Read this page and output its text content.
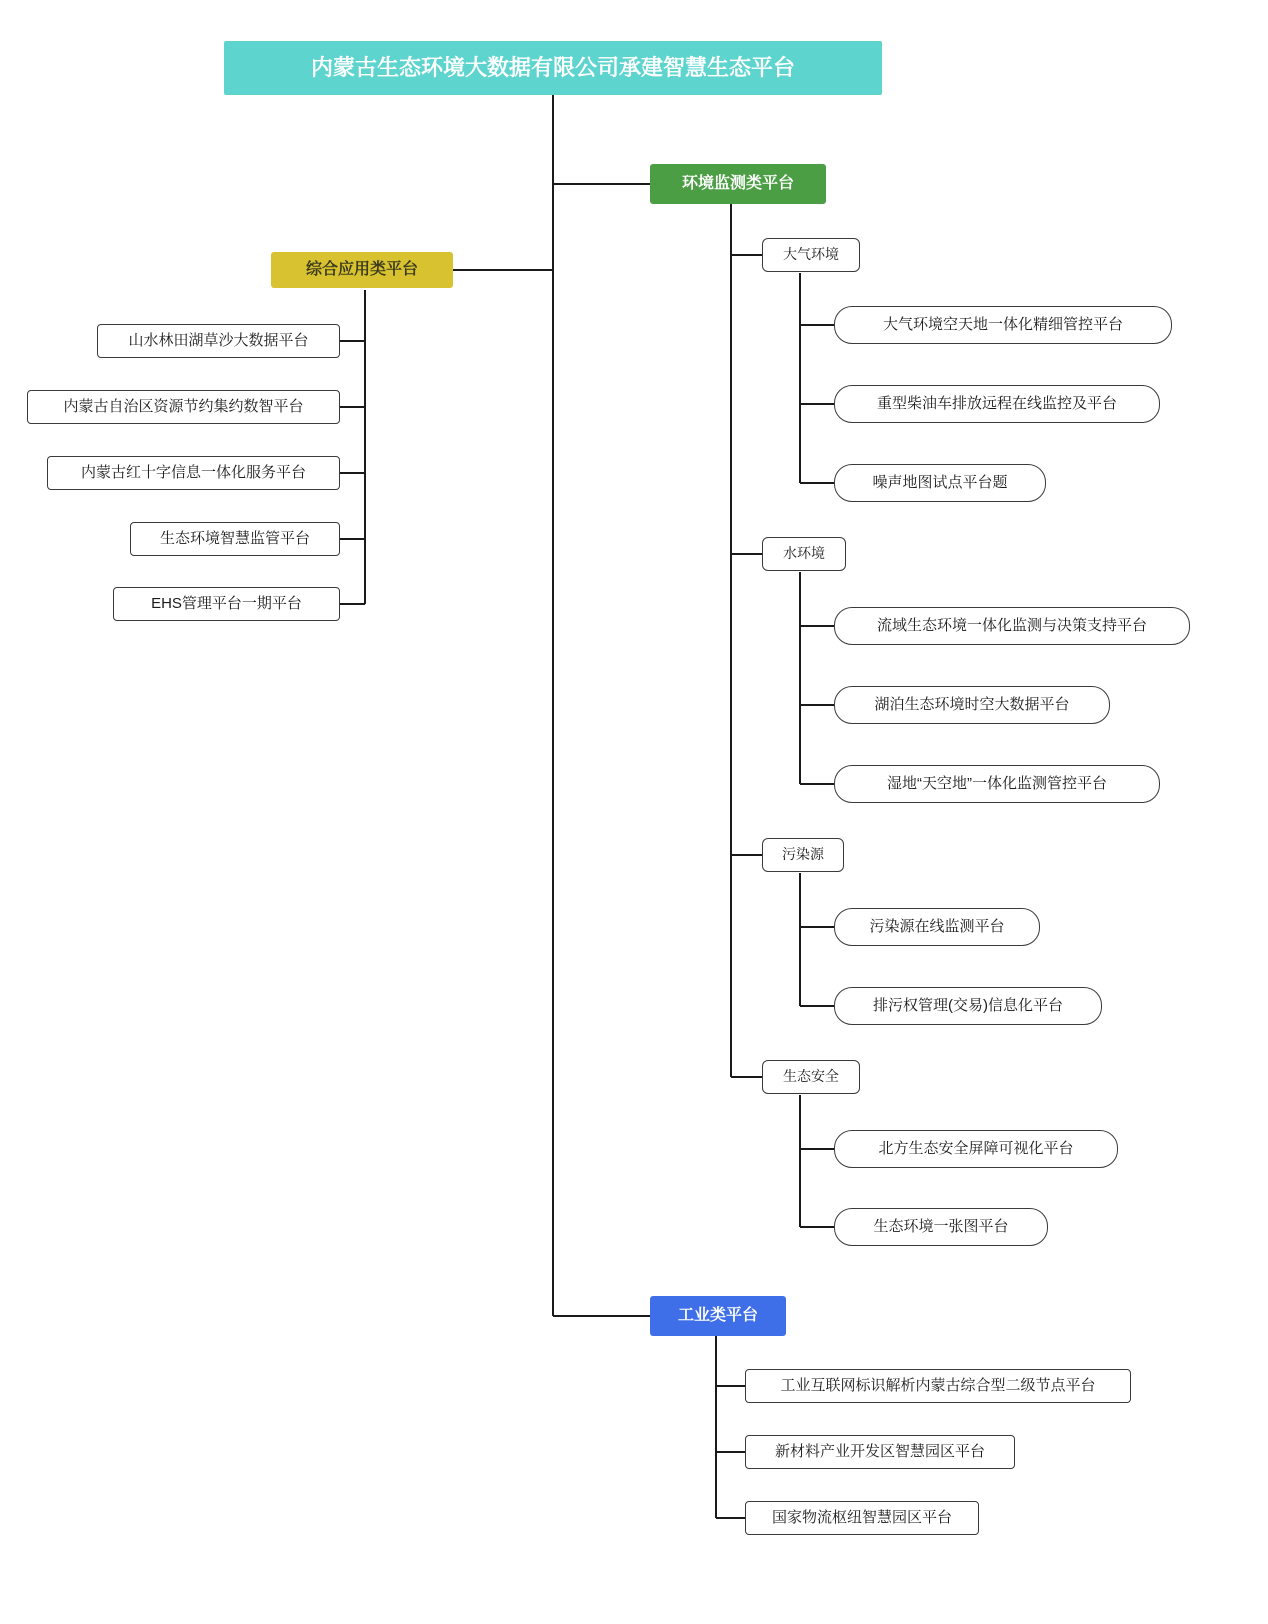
内蒙古生态环境大数据有限公司承建智慧生态平台
环境监测类平台
大气环境
大气环境空天地一体化精细管控平台
重型柴油车排放远程在线监控及平台
噪声地图试点平台题
水环境
流域生态环境一体化监测与决策支持平台
湖泊生态环境时空大数据平台
湿地“天空地”一体化监测管控平台
污染源
污染源在线监测平台
排污权管理(交易)信息化平台
生态安全
北方生态安全屏障可视化平台
生态环境一张图平台
综合应用类平台
山水林田湖草沙大数据平台
内蒙古自治区资源节约集约数智平台
内蒙古红十字信息一体化服务平台
生态环境智慧监管平台
EHS管理平台一期平台
工业类平台
工业互联网标识解析内蒙古综合型二级节点平台
新材料产业开发区智慧园区平台
国家物流枢纽智慧园区平台
